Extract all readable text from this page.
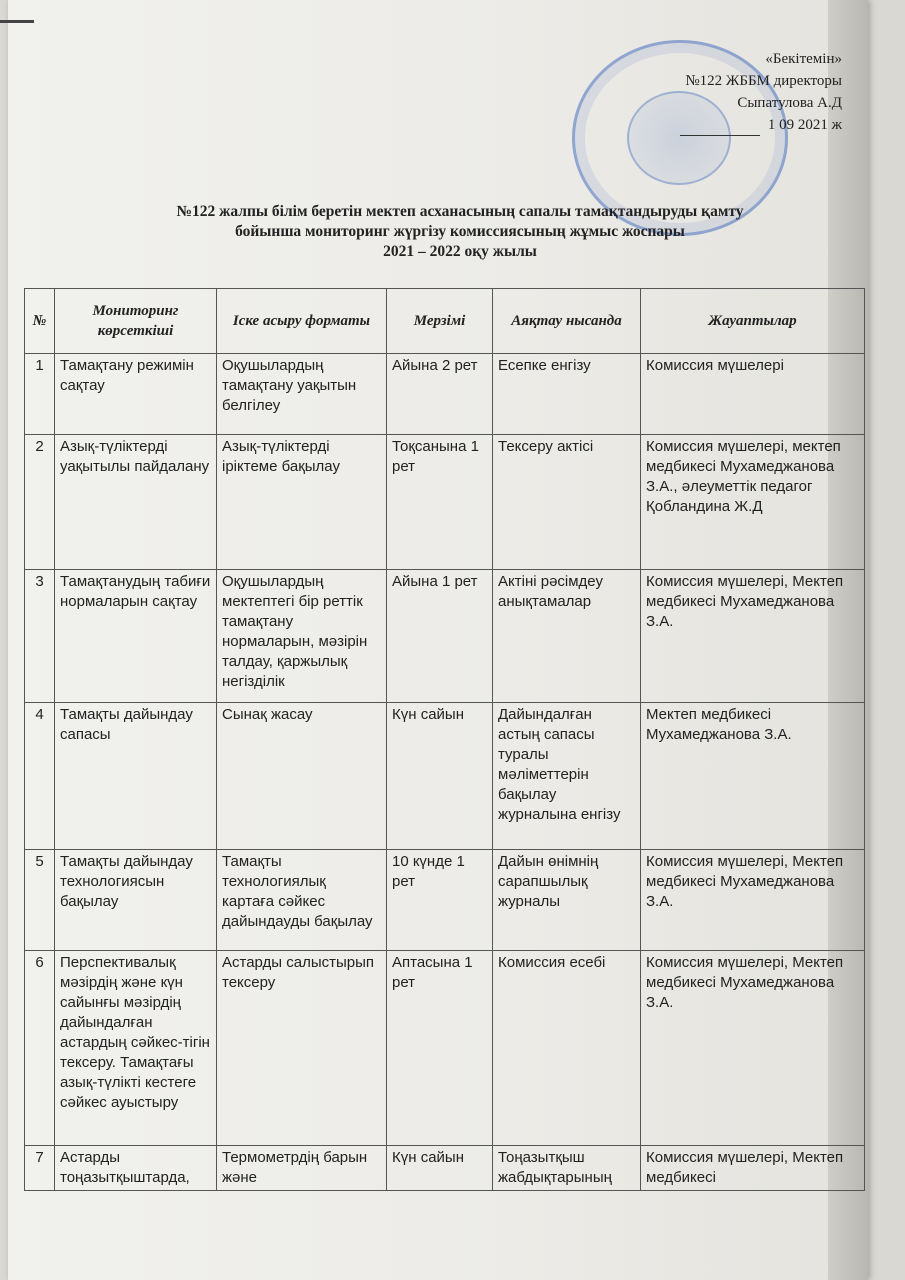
«Бекітемін»
№122 ЖББМ директоры
Сыпатулова А.Д
1 09 2021 ж
№122 жалпы білім беретін мектеп асханасының сапалы тамақтандыруды қамту
бойынша мониторинг жүргізу комиссиясының жұмыс жоспары
2021 – 2022 оқу жылы
№	Мониторинг көрсеткіші	Іске асыру форматы	Мерзімі	Аяқтау нысанда	Жауаптылар
1	Тамақтану режимін сақтау	Оқушылардың тамақтану уақытын белгілеу	Айына 2 рет	Есепке енгізу	Комиссия мүшелері
2	Азық-түліктерді уақытылы пайдалану	Азық-түліктерді іріктеме бақылау	Тоқсанына 1 рет	Тексеру актісі	Комиссия мүшелері, мектеп медбикесі Мухамеджанова З.А., әлеуметтік педагог Қобландина Ж.Д
3	Тамақтанудың табиғи нормаларын сақтау	Оқушылардың мектептегі бір реттік тамақтану нормаларын, мәзірін талдау, қаржылық негізділік	Айына 1 рет	Актіні рәсімдеу анықтамалар	Комиссия мүшелері, Мектеп медбикесі Мухамеджанова З.А.
4	Тамақты дайындау сапасы	Сынақ жасау	Күн сайын	Дайындалған астың сапасы туралы мәліметтерін бақылау журналына енгізу	Мектеп медбикесі Мухамеджанова З.А.
5	Тамақты дайындау технологиясын бақылау	Тамақты технологиялық картаға сәйкес дайындауды бақылау	10 күнде 1 рет	Дайын өнімнің сарапшылық журналы	Комиссия мүшелері, Мектеп медбикесі Мухамеджанова З.А.
6	Перспективалық мәзірдің және күн сайынғы мәзірдің дайындалған астардың сәйкес-тігін тексеру. Тамақтағы азық-түлікті кестеге сәйкес ауыстыру	Астарды салыстырып тексеру	Аптасына 1 рет	Комиссия есебі	Комиссия мүшелері, Мектеп медбикесі Мухамеджанова З.А.
7	Астарды тоңазытқыштарда,	Термометрдің барын және	Күн сайын	Тоңазытқыш жабдықтарының	Комиссия мүшелері, Мектеп медбикесі
